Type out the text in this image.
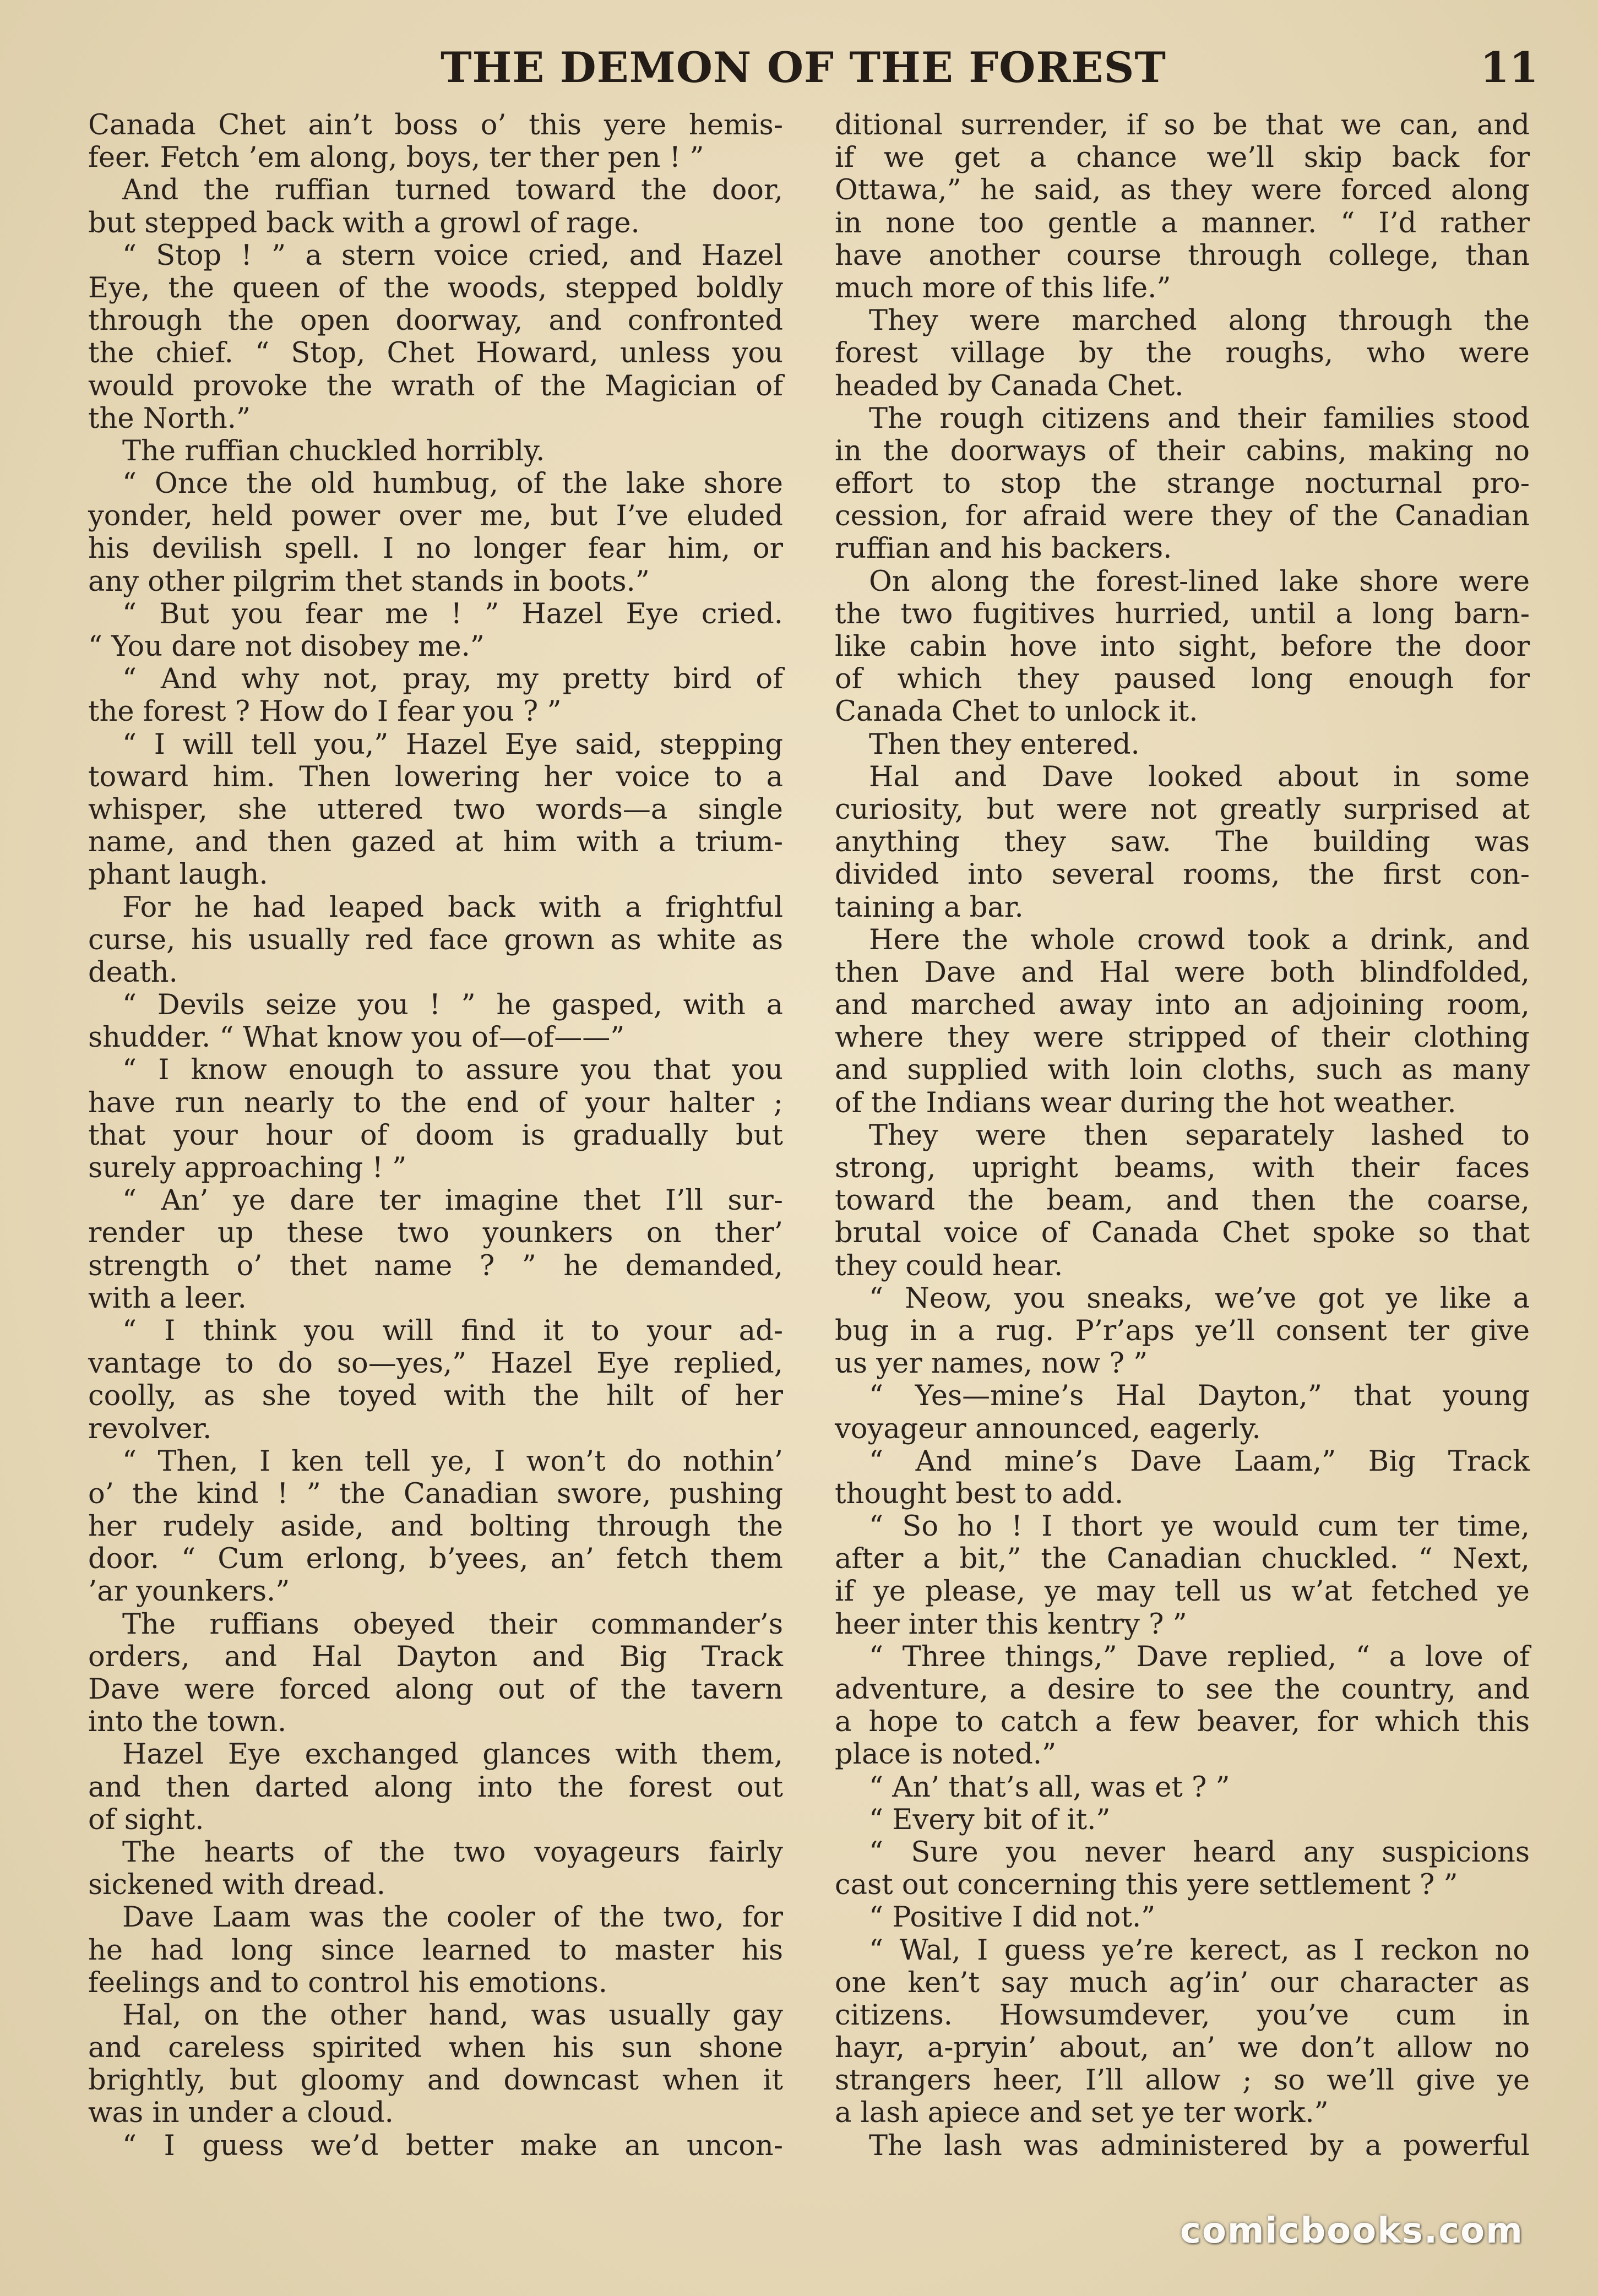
THE DEMON OF THE FOREST	11
Canada Chet ain’t boss o’ this yere hemis-
feer. Fetch ’em along, boys, ter ther pen ! ”
And the ruffian turned toward the door,
but stepped back with a growl of rage.
“ Stop ! ” a stern voice cried, and Hazel
Eye, the queen of the woods, stepped boldly
through the open doorway, and confronted
the chief. “ Stop, Chet Howard, unless you
would provoke the wrath of the Magician of
the North.”
The ruffian chuckled horribly.
“ Once the old humbug, of the lake shore
yonder, held power over me, but I’ve eluded
his devilish spell. I no longer fear him, or
any other pilgrim thet stands in boots.”
“ But you fear me ! ” Hazel Eye cried.
“ You dare not disobey me.”
“ And why not, pray, my pretty bird of
the forest ? How do I fear you ? ”
“ I will tell you,” Hazel Eye said, stepping
toward him. Then lowering her voice to a
whisper, she uttered two words—a single
name, and then gazed at him with a trium-
phant laugh.
For he had leaped back with a frightful
curse, his usually red face grown as white as
death.
“ Devils seize you ! ” he gasped, with a
shudder. “ What know you of—of——”
“ I know enough to assure you that you
have run nearly to the end of your halter ;
that your hour of doom is gradually but
surely approaching ! ”
“ An’ ye dare ter imagine thet I’ll sur-
render up these two younkers on ther’
strength o’ thet name ? ” he demanded,
with a leer.
“ I think you will find it to your ad-
vantage to do so—yes,” Hazel Eye replied,
coolly, as she toyed with the hilt of her
revolver.
“ Then, I ken tell ye, I won’t do nothin’
o’ the kind ! ” the Canadian swore, pushing
her rudely aside, and bolting through the
door. “ Cum erlong, b’yees, an’ fetch them
’ar younkers.”
The ruffians obeyed their commander’s
orders, and Hal Dayton and Big Track
Dave were forced along out of the tavern
into the town.
Hazel Eye exchanged glances with them,
and then darted along into the forest out
of sight.
The hearts of the two voyageurs fairly
sickened with dread.
Dave Laam was the cooler of the two, for
he had long since learned to master his
feelings and to control his emotions.
Hal, on the other hand, was usually gay
and careless spirited when his sun shone
brightly, but gloomy and downcast when it
was in under a cloud.
“ I guess we’d better make an uncon-
ditional surrender, if so be that we can, and
if we get a chance we’ll skip back for
Ottawa,” he said, as they were forced along
in none too gentle a manner. “ I’d rather
have another course through college, than
much more of this life.”
They were marched along through the
forest village by the roughs, who were
headed by Canada Chet.
The rough citizens and their families stood
in the doorways of their cabins, making no
effort to stop the strange nocturnal pro-
cession, for afraid were they of the Canadian
ruffian and his backers.
On along the forest-lined lake shore were
the two fugitives hurried, until a long barn-
like cabin hove into sight, before the door
of which they paused long enough for
Canada Chet to unlock it.
Then they entered.
Hal and Dave looked about in some
curiosity, but were not greatly surprised at
anything they saw. The building was
divided into several rooms, the first con-
taining a bar.
Here the whole crowd took a drink, and
then Dave and Hal were both blindfolded,
and marched away into an adjoining room,
where they were stripped of their clothing
and supplied with loin cloths, such as many
of the Indians wear during the hot weather.
They were then separately lashed to
strong, upright beams, with their faces
toward the beam, and then the coarse,
brutal voice of Canada Chet spoke so that
they could hear.
“ Neow, you sneaks, we’ve got ye like a
bug in a rug. P’r’aps ye’ll consent ter give
us yer names, now ? ”
“ Yes—mine’s Hal Dayton,” that young
voyageur announced, eagerly.
“ And mine’s Dave Laam,” Big Track
thought best to add.
“ So ho ! I thort ye would cum ter time,
after a bit,” the Canadian chuckled. “ Next,
if ye please, ye may tell us w’at fetched ye
heer inter this kentry ? ”
“ Three things,” Dave replied, “ a love of
adventure, a desire to see the country, and
a hope to catch a few beaver, for which this
place is noted.”
“ An’ that’s all, was et ? ”
“ Every bit of it.”
“ Sure you never heard any suspicions
cast out concerning this yere settlement ? ”
“ Positive I did not.”
“ Wal, I guess ye’re kerect, as I reckon no
one ken’t say much ag’in’ our character as
citizens. Howsumdever, you’ve cum in
hayr, a-pryin’ about, an’ we don’t allow no
strangers heer, I’ll allow ; so we’ll give ye
a lash apiece and set ye ter work.”
The lash was administered by a powerful
comicbooks.com
